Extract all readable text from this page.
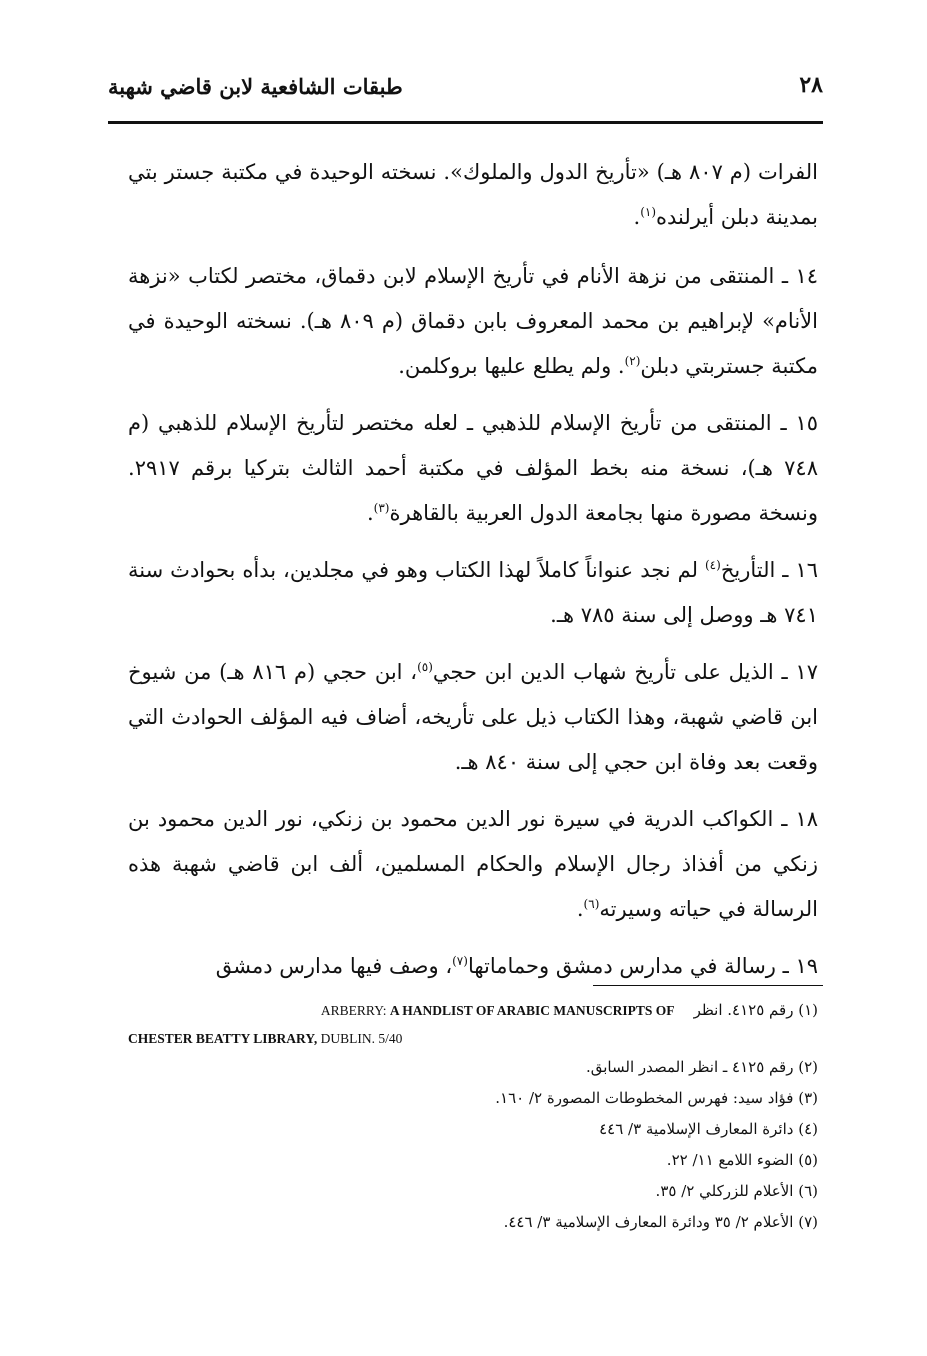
٢٨
طبقات الشافعية لابن قاضي شهبة

الفرات (م ٨٠٧ هـ) «تأريخ الدول والملوك». نسخته الوحيدة في مكتبة جستر بتي بمدينة دبلن أيرلنده$^{(١)}$.

١٤ ـ المنتقى من نزهة الأنام في تأريخ الإسلام لابن دقماق، مختصر لكتاب «نزهة الأنام» لإبراهيم بن محمد المعروف بابن دقماق (م ٨٠٩ هـ). نسخته الوحيدة في مكتبة جستربتي دبلن$^{(٢)}$. ولم يطلع عليها بروكلمن.

١٥ ـ المنتقى من تأريخ الإسلام للذهبي ـ لعله مختصر لتأريخ الإسلام للذهبي (م ٧٤٨ هـ)، نسخة منه بخط المؤلف في مكتبة أحمد الثالث بتركيا برقم ٢٩١٧. ونسخة مصورة منها بجامعة الدول العربية بالقاهرة$^{(٣)}$.

١٦ ـ التأريخ$^{(٤)}$ لم نجد عنواناً كاملاً لهذا الكتاب وهو في مجلدين، بدأه بحوادث سنة ٧٤١ هـ ووصل إلى سنة ٧٨٥ هـ.

١٧ ـ الذيل على تأريخ شهاب الدين ابن حجي$^{(٥)}$، ابن حجي (م ٨١٦ هـ) من شيوخ ابن قاضي شهبة، وهذا الكتاب ذيل على تأريخه، أضاف فيه المؤلف الحوادث التي وقعت بعد وفاة ابن حجي إلى سنة ٨٤٠ هـ.

١٨ ـ الكواكب الدرية في سيرة نور الدين محمود بن زنكي، نور الدين محمود بن زنكي من أفذاذ رجال الإسلام والحكام المسلمين، ألف ابن قاضي شهبة هذه الرسالة في حياته وسيرته$^{(٦)}$.

١٩ ـ رسالة في مدارس دمشق وحماماتها$^{(٧)}$، وصف فيها مدارس دمشق

(١) رقم ٤١٢٥. انظر    ARBERRY: A HANDLIST OF ARABIC MANUSCRIPTS OF

CHESTER BEATTY LIBRARY, DUBLIN. 5/40

(٢) رقم ٤١٢٥ ـ انظر المصدر السابق.

(٣) فؤاد سيد: فهرس المخطوطات المصورة ٢/ ١٦٠.

(٤) دائرة المعارف الإسلامية ٣/ ٤٤٦

(٥) الضوء اللامع ١١/ ٢٢.

(٦) الأعلام للزركلي ٢/ ٣٥.

(٧) الأعلام ٢/ ٣٥ ودائرة المعارف الإسلامية ٣/ ٤٤٦.
